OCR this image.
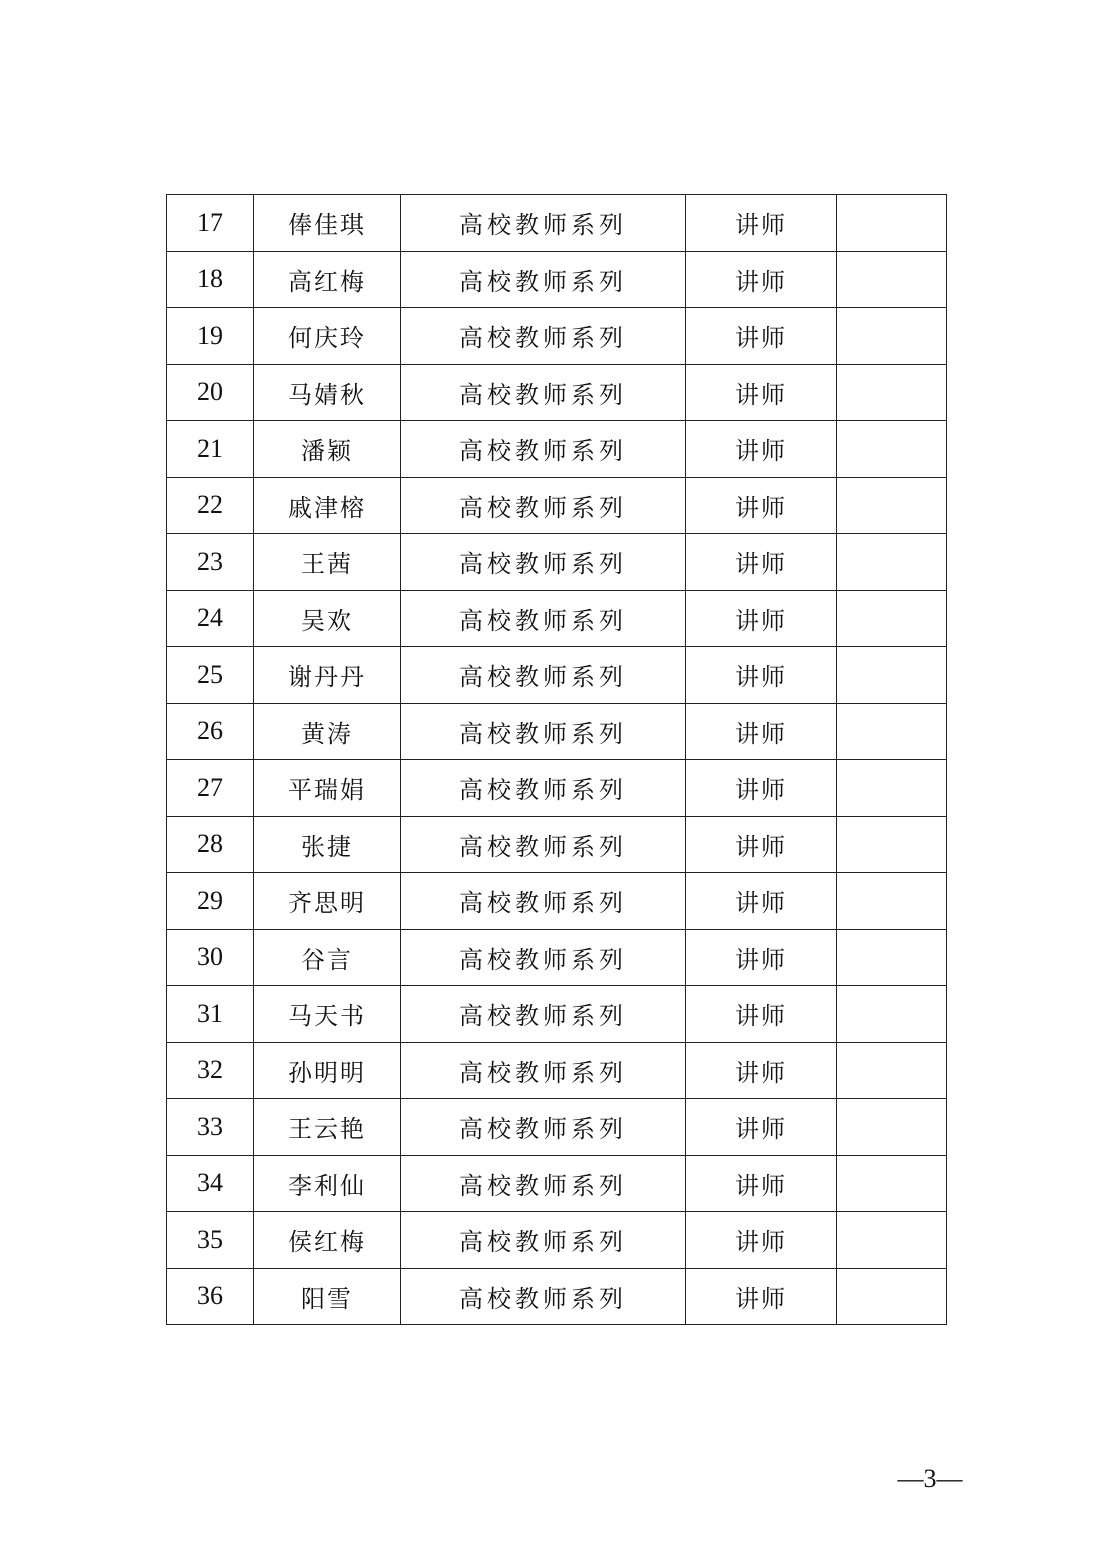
17	俸佳琪	高校教师系列	讲师	
18	高红梅	高校教师系列	讲师	
19	何庆玲	高校教师系列	讲师	
20	马婧秋	高校教师系列	讲师	
21	潘颖	高校教师系列	讲师	
22	戚津榕	高校教师系列	讲师	
23	王茜	高校教师系列	讲师	
24	吴欢	高校教师系列	讲师	
25	谢丹丹	高校教师系列	讲师	
26	黄涛	高校教师系列	讲师	
27	平瑞娟	高校教师系列	讲师	
28	张捷	高校教师系列	讲师	
29	齐思明	高校教师系列	讲师	
30	谷言	高校教师系列	讲师	
31	马天书	高校教师系列	讲师	
32	孙明明	高校教师系列	讲师	
33	王云艳	高校教师系列	讲师	
34	李利仙	高校教师系列	讲师	
35	侯红梅	高校教师系列	讲师	
36	阳雪	高校教师系列	讲师	
—3—
